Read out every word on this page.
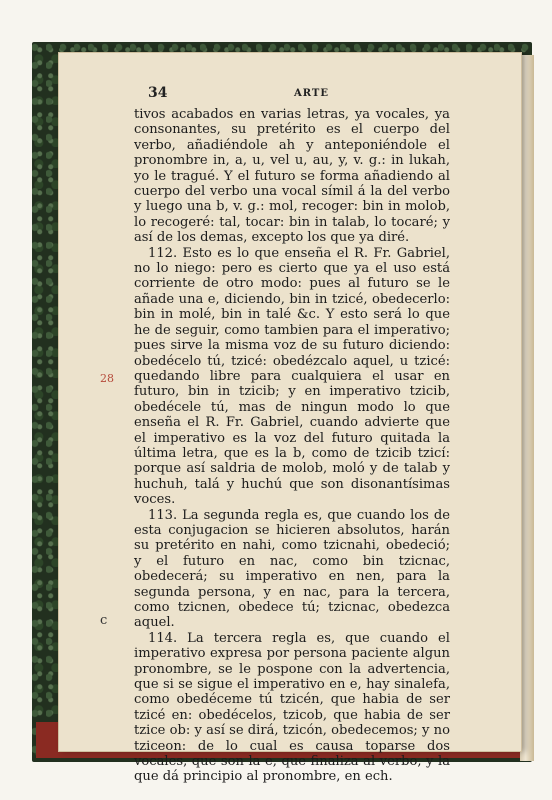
34	ARTE

tivos acabados en varias letras, ya vocales, ya consonantes, su pretérito es el cuerpo del verbo, añadiéndole ah y anteponiéndole el pronombre in, a, u, vel u, au, y, v. g.: in lukah, yo le tragué. Y el futuro se forma añadiendo al cuerpo del verbo una vocal símil á la del verbo y luego una b, v. g.: mol, recoger: bin in molob, lo recogeré: tal, tocar: bin in talab, lo tocaré; y así de los demas, excepto los que ya diré.

112. Esto es lo que enseña el R. Fr. Gabriel, no lo niego: pero es cierto que ya el uso está corriente de otro modo: pues al futuro se le añade una e, diciendo, bin in tzicé, obedecerlo: bin in molé, bin in talé &c. Y esto será lo que he de seguir, como tambien para el imperativo; pues sirve la misma voz de su futuro diciendo: obedécelo tú, tzicé: obedézcalo aquel, u tzicé: quedando libre para cualquiera el usar en futuro, bin in tzicib; y en imperativo tzicib, obedécele tú, mas de ningun modo lo que enseña el R. Fr. Gabriel, cuando advierte que el imperativo es la voz del futuro quitada la última letra, que es la b, como de tzicib tzicí: porque así saldria de molob, moló y de talab y huchuh, talá y huchú que son disonantísimas voces.

113. La segunda regla es, que cuando los de esta conjugacion se hicieren absolutos, harán su pretérito en nahi, como tzicnahi, obedeció; y el futuro en nac, como bin tzicnac, obedecerá; su imperativo en nen, para la segunda persona, y en nac, para la tercera, como tzicnen, obedece tú; tzicnac, obedezca aquel.

114. La tercera regla es, que cuando el imperativo expresa por persona paciente algun pronombre, se le pospone con la advertencia, que si se sigue el imperativo en e, hay sinalefa, como obedéceme tú tzicén, que habia de ser tzicé en: obedécelos, tzicob, que habia de ser tzice ob: y así se dirá, tzicón, obedecemos; y no tziceon: de lo cual es causa toparse dos vocales, que son la e, que finaliza al verbo, y la que dá principio al pronombre, en ech.

28
c
